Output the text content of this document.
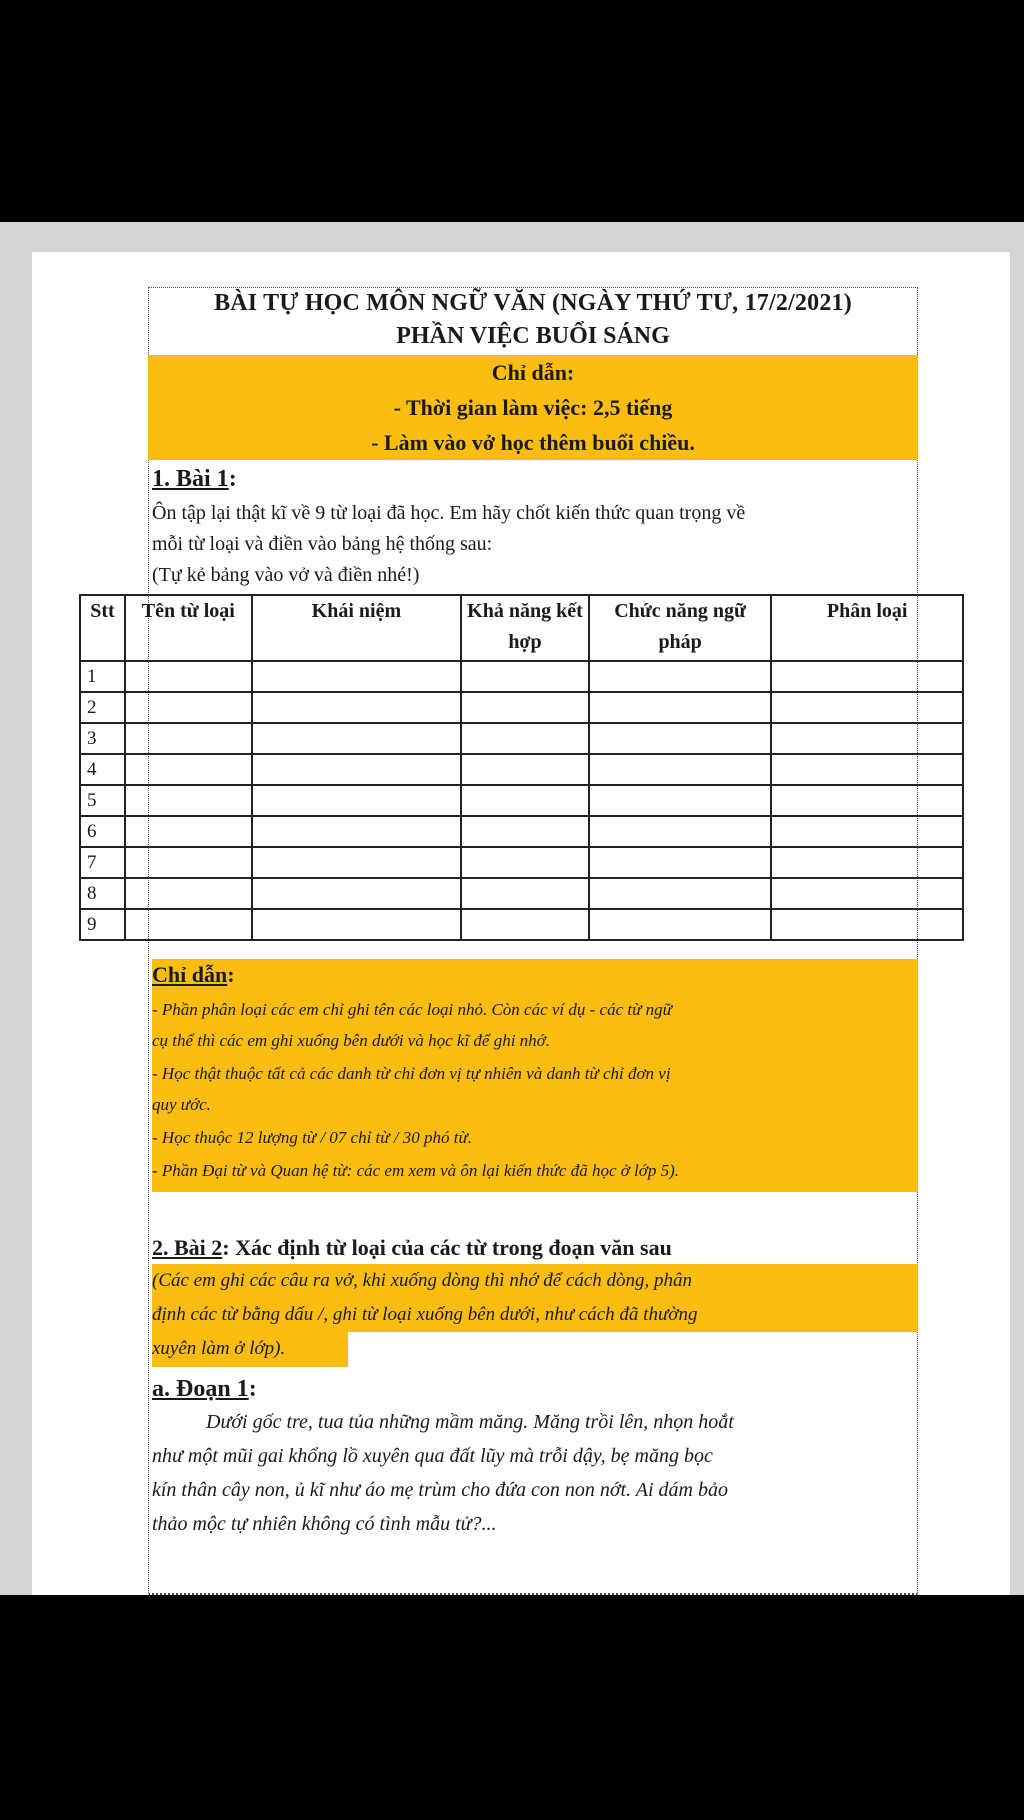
BÀI TỰ HỌC MÔN NGỮ VĂN (NGÀY THỨ TƯ, 17/2/2021)
PHẦN VIỆC BUỔI SÁNG
Chỉ dẫn:
- Thời gian làm việc: 2,5 tiếng
- Làm vào vở học thêm buổi chiều.
1. Bài 1:
Ôn tập lại thật kĩ về 9 từ loại đã học. Em hãy chốt kiến thức quan trọng về
mỗi từ loại và điền vào bảng hệ thống sau:
(Tự kẻ bảng vào vở và điền nhé!)
Stt	Tên từ loại	Khái niệm	Khả năng kết hợp	Chức năng ngữ pháp	Phân loại
1					
2					
3					
4					
5					
6					
7					
8					
9					
Chỉ dẫn:
- Phần phân loại các em chỉ ghi tên các loại nhỏ. Còn các ví dụ - các từ ngữ
cụ thể thì các em ghi xuống bên dưới và học kĩ để ghi nhớ.
- Học thật thuộc tất cả các danh từ chỉ đơn vị tự nhiên và danh từ chỉ đơn vị
quy ước.
- Học thuộc 12 lượng từ / 07 chỉ từ / 30 phó từ.
- Phần Đại từ và Quan hệ từ: các em xem và ôn lại kiến thức đã học ở lớp 5).
2. Bài 2: Xác định từ loại của các từ trong đoạn văn sau
(Các em ghi các câu ra vở, khi xuống dòng thì nhớ để cách dòng, phân
định các từ bằng dấu /, ghi từ loại xuống bên dưới, như cách đã thường
xuyên làm ở lớp).
a. Đoạn 1:
Dưới gốc tre, tua tủa những mầm măng. Măng trồi lên, nhọn hoắt
như một mũi gai khổng lồ xuyên qua đất lũy mà trỗi dậy, bẹ măng bọc
kín thân cây non, ủ kĩ như áo mẹ trùm cho đứa con non nớt. Ai dám bảo
thảo mộc tự nhiên không có tình mẫu tử?...
